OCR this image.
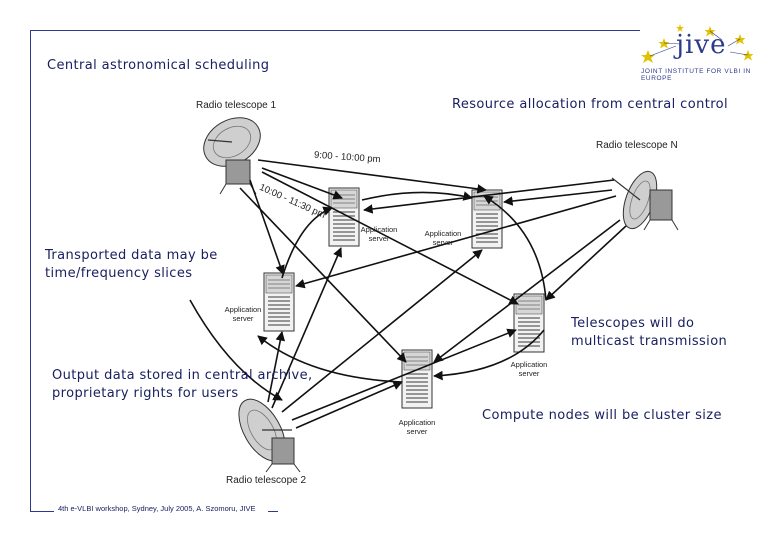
Radio telescope 1
Radio telescope N
Radio telescope 2
9:00 - 10:00 pm
10:00 - 11:30 pm
Application
server
Application
server
Application
server
Application
server
Application
server
Central astronomical scheduling
Resource allocation from central control
Transported data may be
time/frequency slices
Telescopes will do
multicast transmission
Output data stored in central archive,
proprietary rights for users
Compute nodes will be cluster size
jive
JOINT INSTITUTE FOR VLBI IN EUROPE
4th e-VLBI workshop, Sydney, July 2005, A. Szomoru, JIVE
